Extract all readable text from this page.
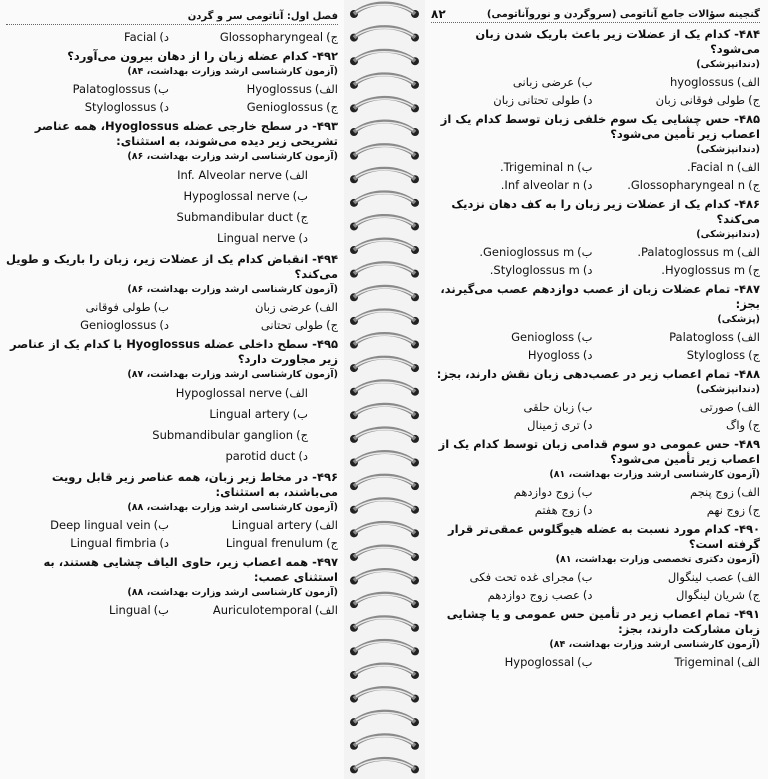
فصل اول: آناتومی سر و گردن
ج)Glossopharyngeal
د)Facial
۴۹۲- کدام عضله زبان را از دهان بیرون می‌آورد؟
(آزمون کارشناسی ارشد وزارت بهداشت، ۸۴)
الف)Hyoglossus
ب)Palatoglossus
ج)Genioglossus
د)Styloglossus
۴۹۳- در سطح خارجی عضله Hyoglossus، همه عناصر تشریحی زیر دیده می‌شوند، به استثنای:
(آزمون کارشناسی ارشد وزارت بهداشت، ۸۶)
الف)Inf. Alveolar nerve
ب)Hypoglossal nerve
ج)Submandibular duct
د)Lingual nerve
۴۹۴- انقباض کدام یک از عضلات زیر، زبان را باریک و طویل می‌کند؟
(آزمون کارشناسی ارشد وزارت بهداشت، ۸۶)
الف)عرضی زبان
ب)طولی فوقانی
ج)طولی تحتانی
د)Genioglossus
۴۹۵- سطح داخلی عضله Hyoglossus با کدام یک از عناصر زیر مجاورت دارد؟
(آزمون کارشناسی ارشد وزارت بهداشت، ۸۷)
الف)Hypoglossal nerve
ب)Lingual artery
ج)Submandibular ganglion
د)parotid duct
۴۹۶- در مخاط زیر زبان، همه عناصر زیر قابل رویت می‌باشند، به استثنای:
(آزمون کارشناسی ارشد وزارت بهداشت، ۸۸)
الف)Lingual artery
ب)Deep lingual vein
ج)Lingual frenulum
د)Lingual fimbria
۴۹۷- همه اعصاب زیر، حاوی الیاف چشایی هستند، به استثنای عصب:
(آزمون کارشناسی ارشد وزارت بهداشت، ۸۸)
الف)Auriculotemporal
ب)Lingual
گنجینه سؤالات جامع آناتومی (سروگردن و نوروآناتومی)
۸۲
۴۸۴- کدام یک از عضلات زیر باعث باریک شدن زبان می‌شود؟
(دندانپزشکی)
الف)hyoglossus
ب)عرضی زبانی
ج)طولی فوقانی زبان
د)طولی تحتانی زبان
۴۸۵- حس چشایی یک سوم خلفی زبان توسط کدام یک از اعصاب زیر تأمین می‌شود؟
(دندانپزشکی)
الف)Facial n.
ب)Trigeminal n.
ج)Glossopharyngeal n.
د)Inf alveolar n.
۴۸۶- کدام یک از عضلات زیر زبان را به کف دهان نزدیک می‌کند؟
(دندانپزشکی)
الف)Palatoglossus m.
ب)Genioglossus m.
ج)Hyoglossus m.
د)Styloglossus m.
۴۸۷- تمام عضلات زبان از عصب دوازدهم عصب می‌گیرند، بجز:
(پزشکی)
الف)Palatogloss
ب)Geniogloss
ج)Stylogloss
د)Hyogloss
۴۸۸- تمام اعصاب زیر در عصب‌دهی زبان نقش دارند، بجز:
(دندانپزشکی)
الف)صورتی
ب)زبان حلقی
ج)واگ
د)تری ژمینال
۴۸۹- حس عمومی دو سوم قدامی زبان توسط کدام یک از اعصاب زیر تأمین می‌شود؟
(آزمون کارشناسی ارشد وزارت بهداشت، ۸۱)
الف)زوج پنجم
ب)زوج دوازدهم
ج)زوج نهم
د)زوج هفتم
۴۹۰- کدام مورد نسبت به عضله هیوگلوس عمقی‌تر قرار گرفته است؟
(آزمون دکتری تخصصی وزارت بهداشت، ۸۱)
الف)عصب لینگوال
ب)مجرای غده تحت فکی
ج)شریان لینگوال
د)عصب زوج دوازدهم
۴۹۱- تمام اعصاب زیر در تأمین حس عمومی و یا چشایی زبان مشارکت دارند، بجز:
(آزمون کارشناسی ارشد وزارت بهداشت، ۸۴)
الف)Trigeminal
ب)Hypoglossal
